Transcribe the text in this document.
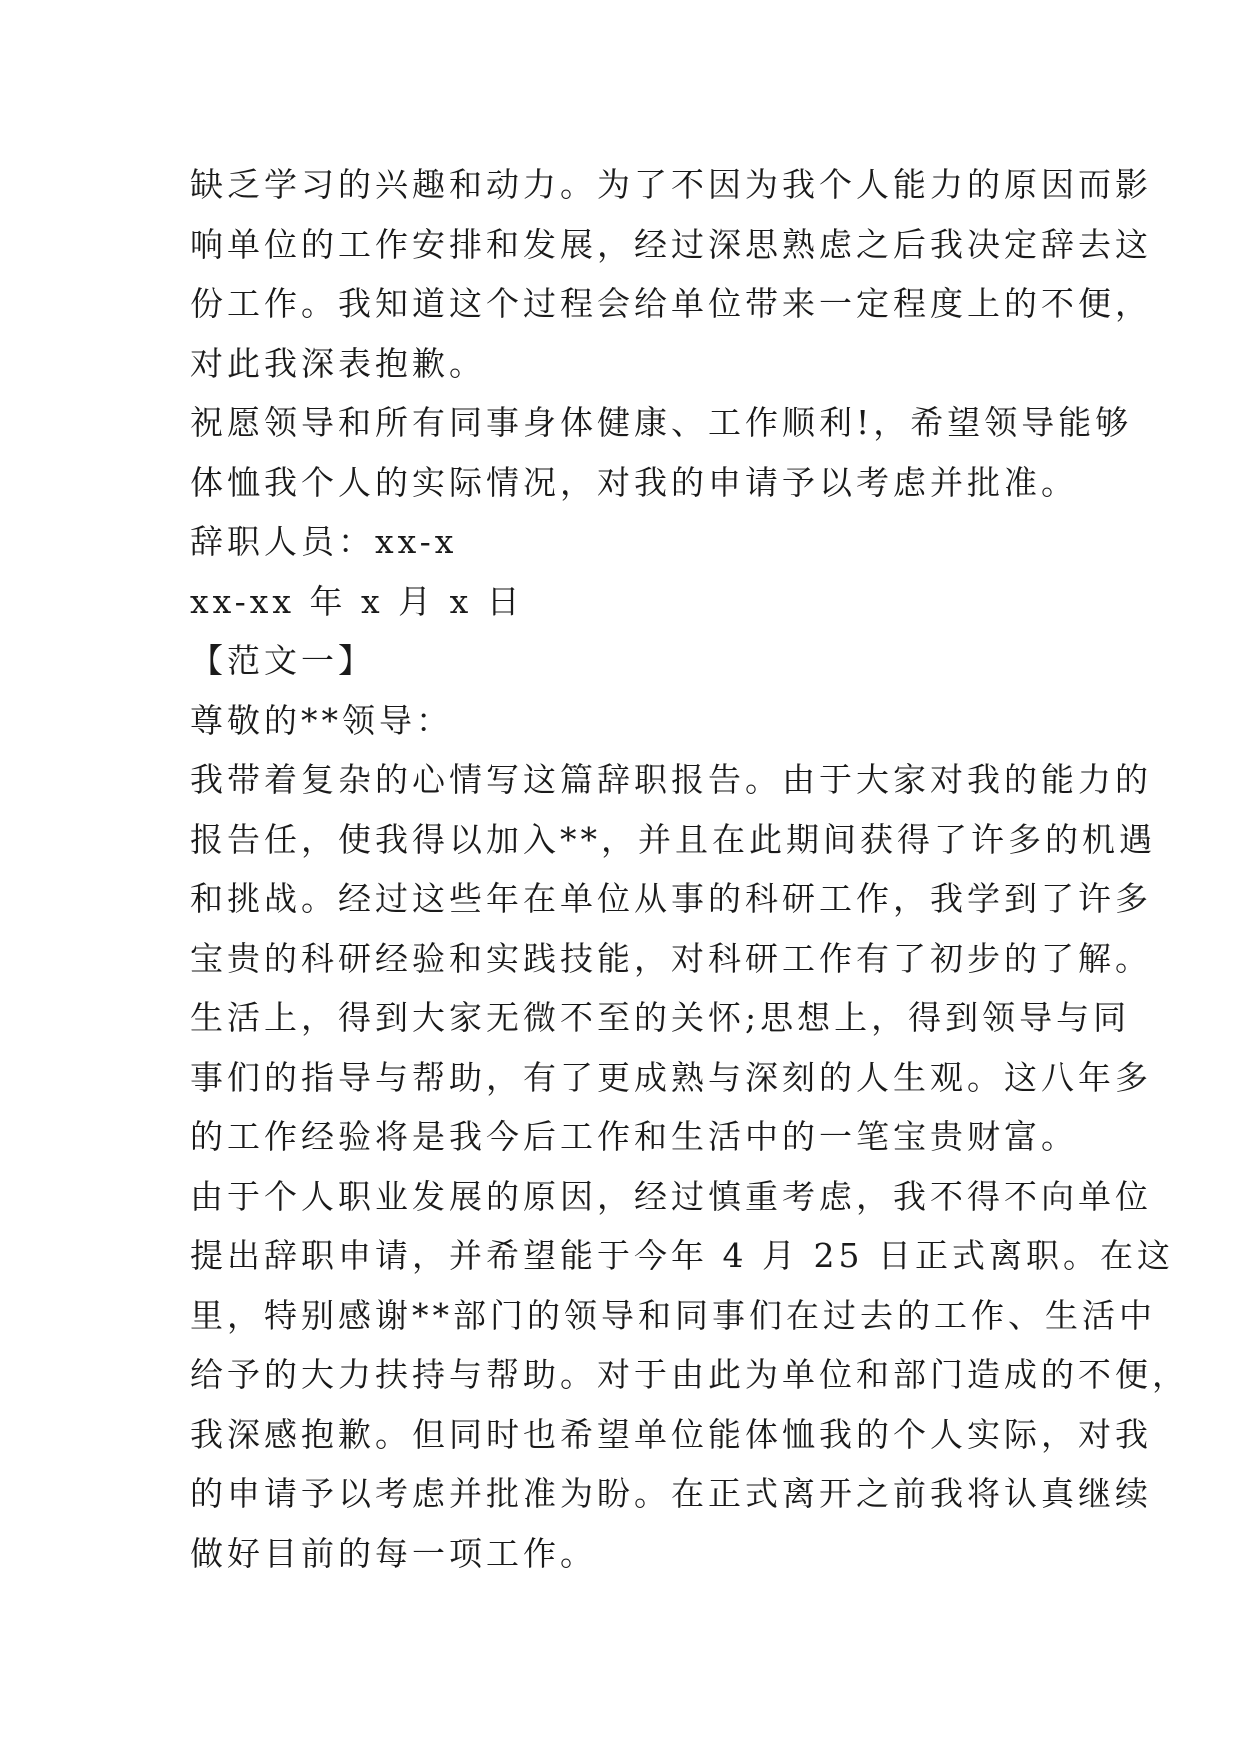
缺乏学习的兴趣和动力。为了不因为我个人能力的原因而影
响单位的工作安排和发展，经过深思熟虑之后我决定辞去这
份工作。我知道这个过程会给单位带来一定程度上的不便，
对此我深表抱歉。
祝愿领导和所有同事身体健康、工作顺利!，希望领导能够
体恤我个人的实际情况，对我的申请予以考虑并批准。
辞职人员：xx-x
xx-xx 年 x 月 x 日
【范文一】
尊敬的**领导：
我带着复杂的心情写这篇辞职报告。由于大家对我的能力的
报告任，使我得以加入**，并且在此期间获得了许多的机遇
和挑战。经过这些年在单位从事的科研工作，我学到了许多
宝贵的科研经验和实践技能，对科研工作有了初步的了解。
生活上，得到大家无微不至的关怀;思想上，得到领导与同
事们的指导与帮助，有了更成熟与深刻的人生观。这八年多
的工作经验将是我今后工作和生活中的一笔宝贵财富。
由于个人职业发展的原因，经过慎重考虑，我不得不向单位
提出辞职申请，并希望能于今年 4 月 25 日正式离职。在这
里，特别感谢**部门的领导和同事们在过去的工作、生活中
给予的大力扶持与帮助。对于由此为单位和部门造成的不便，
我深感抱歉。但同时也希望单位能体恤我的个人实际，对我
的申请予以考虑并批准为盼。在正式离开之前我将认真继续
做好目前的每一项工作。
